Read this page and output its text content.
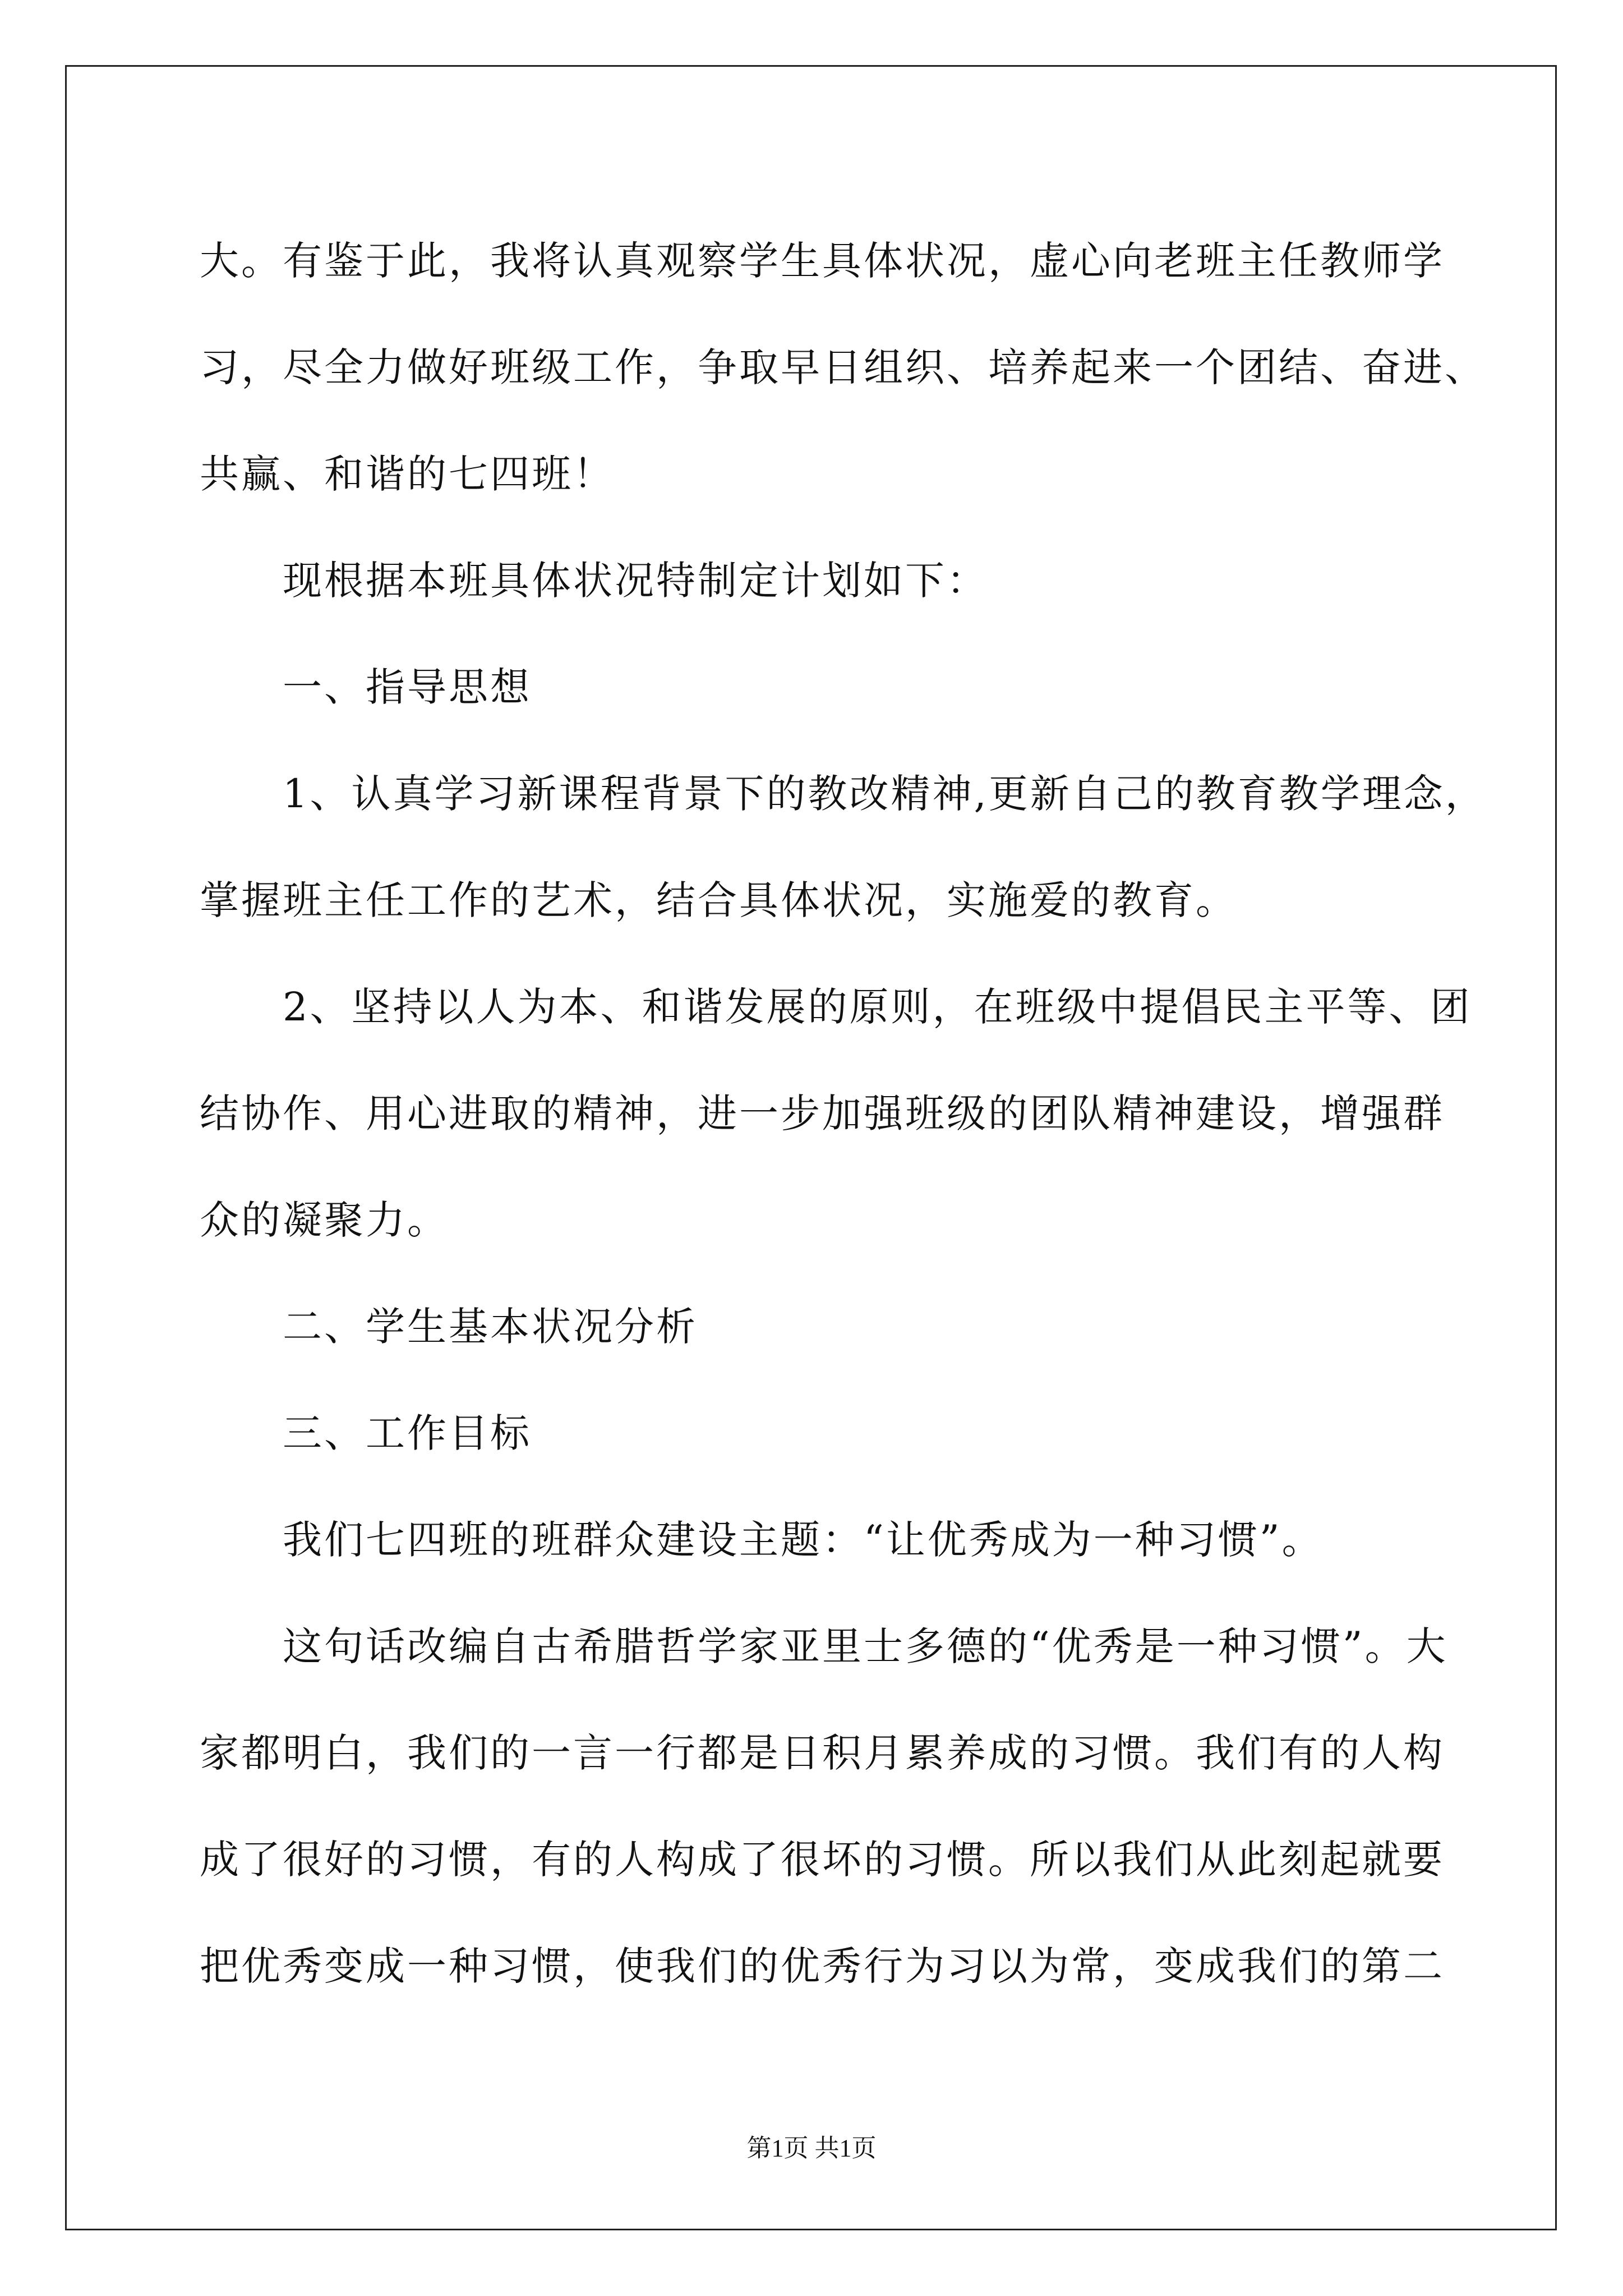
大。有鉴于此，我将认真观察学生具体状况，虚心向老班主任教师学

习，尽全力做好班级工作，争取早日组织、培养起来一个团结、奋进、

共赢、和谐的七四班！

现根据本班具体状况特制定计划如下：

一、指导思想

1、认真学习新课程背景下的教改精神,更新自己的教育教学理念，

掌握班主任工作的艺术，结合具体状况，实施爱的教育。

2、坚持以人为本、和谐发展的原则，在班级中提倡民主平等、团

结协作、用心进取的精神，进一步加强班级的团队精神建设，增强群

众的凝聚力。

二、学生基本状况分析

三、工作目标

我们七四班的班群众建设主题：“让优秀成为一种习惯”。

这句话改编自古希腊哲学家亚里士多德的“优秀是一种习惯”。大

家都明白，我们的一言一行都是日积月累养成的习惯。我们有的人构

成了很好的习惯，有的人构成了很坏的习惯。所以我们从此刻起就要

把优秀变成一种习惯，使我们的优秀行为习以为常，变成我们的第二

第1页 共1页
